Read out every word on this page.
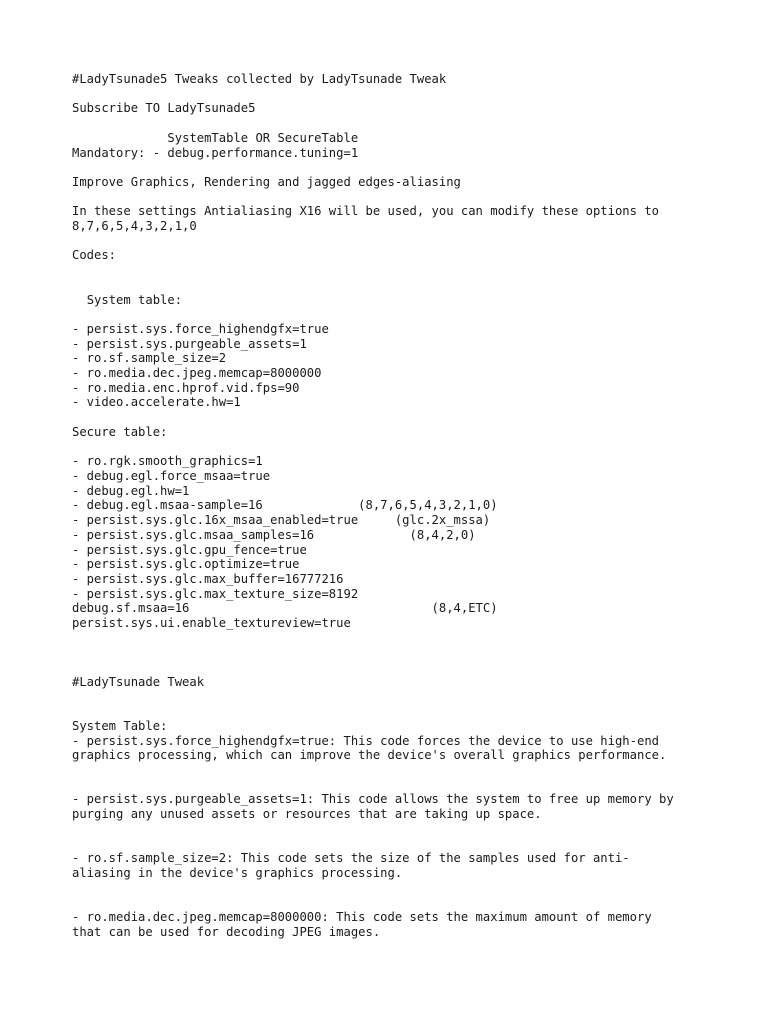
#LadyTsunade5 Tweaks collected by LadyTsunade Tweak

Subscribe TO LadyTsunade5

SystemTable OR SecureTable
Mandatory: - debug.performance.tuning=1

Improve Graphics, Rendering and jagged edges-aliasing

In these settings Antialiasing X16 will be used, you can modify these options to
8,7,6,5,4,3,2,1,0

Codes:

System table:

- persist.sys.force_highendgfx=true
- persist.sys.purgeable_assets=1
- ro.sf.sample_size=2
- ro.media.dec.jpeg.memcap=8000000
- ro.media.enc.hprof.vid.fps=90
- video.accelerate.hw=1

Secure table:

- ro.rgk.smooth_graphics=1
- debug.egl.force_msaa=true
- debug.egl.hw=1
- debug.egl.msaa-sample=16             (8,7,6,5,4,3,2,1,0)
- persist.sys.glc.16x_msaa_enabled=true     (glc.2x_mssa)
- persist.sys.glc.msaa_samples=16             (8,4,2,0)
- persist.sys.glc.gpu_fence=true
- persist.sys.glc.optimize=true
- persist.sys.glc.max_buffer=16777216
- persist.sys.glc.max_texture_size=8192
debug.sf.msaa=16                                 (8,4,ETC)
persist.sys.ui.enable_textureview=true

#LadyTsunade Tweak

System Table:
- persist.sys.force_highendgfx=true: This code forces the device to use high-end
graphics processing, which can improve the device's overall graphics performance.

- persist.sys.purgeable_assets=1: This code allows the system to free up memory by
purging any unused assets or resources that are taking up space.

- ro.sf.sample_size=2: This code sets the size of the samples used for anti-
aliasing in the device's graphics processing.

- ro.media.dec.jpeg.memcap=8000000: This code sets the maximum amount of memory
that can be used for decoding JPEG images.
